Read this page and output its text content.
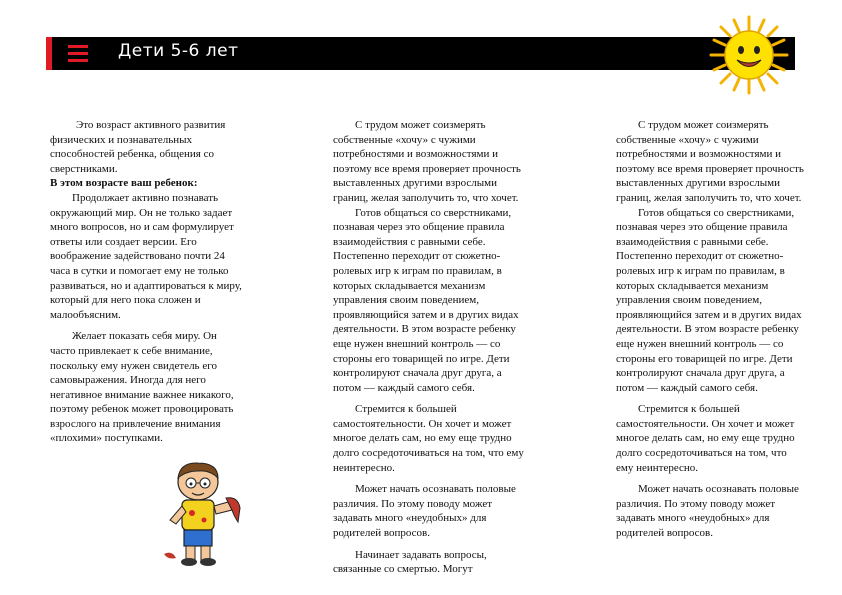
Дети 5-6 лет

Это возраст активного развития физических и познавательных способностей ребенка, общения со сверстниками.

В этом возрасте ваш ребенок:

Продолжает активно познавать окружающий мир. Он не только задает много вопросов, но и сам формулирует ответы или создает версии. Его воображение задействовано почти 24 часа в сутки и помогает ему не только развиваться, но и адаптироваться к миру, который для него пока сложен и малообъясним.

Желает показать себя миру. Он часто привлекает к себе внимание, поскольку ему нужен свидетель его самовыражения. Иногда для него негативное внимание важнее никакого, поэтому ребенок может провоцировать взрослого на привлечение внимания «плохими» поступками.

С трудом может соизмерять собственные «хочу» с чужими потребностями и возможностями и поэтому все время проверяет прочность выставленных другими взрослыми границ, желая заполучить то, что хочет.

Готов общаться со сверстниками, познавая через это общение правила взаимодействия с равными себе. Постепенно переходит от сюжетно-ролевых игр к играм по правилам, в которых складывается механизм управления своим поведением, проявляющийся затем и в других видах деятельности. В этом возрасте ребенку еще нужен внешний контроль — со стороны его товарищей по игре. Дети контролируют сначала друг друга, а потом — каждый самого себя.

Стремится к большей самостоятельности. Он хочет и может многое делать сам, но ему еще трудно долго сосредоточиваться на том, что ему неинтересно.

Может начать осознавать половые различия. По этому поводу может задавать много «неудобных» для родителей вопросов.

Начинает задавать вопросы, связанные со смертью. Могут

С трудом может соизмерять собственные «хочу» с чужими потребностями и возможностями и поэтому все время проверяет прочность выставленных другими взрослыми границ, желая заполучить то, что хочет.

Готов общаться со сверстниками, познавая через это общение правила взаимодействия с равными себе. Постепенно переходит от сюжетно-ролевых игр к играм по правилам, в которых складывается механизм управления своим поведением, проявляющийся затем и в других видах деятельности. В этом возрасте ребенку еще нужен внешний контроль — со стороны его товарищей по игре. Дети контролируют сначала друг друга, а потом — каждый самого себя.

Стремится к большей самостоятельности. Он хочет и может многое делать сам, но ему еще трудно долго сосредоточиваться на том, что ему неинтересно.

Может начать осознавать половые различия. По этому поводу может задавать много «неудобных» для родителей вопросов.
